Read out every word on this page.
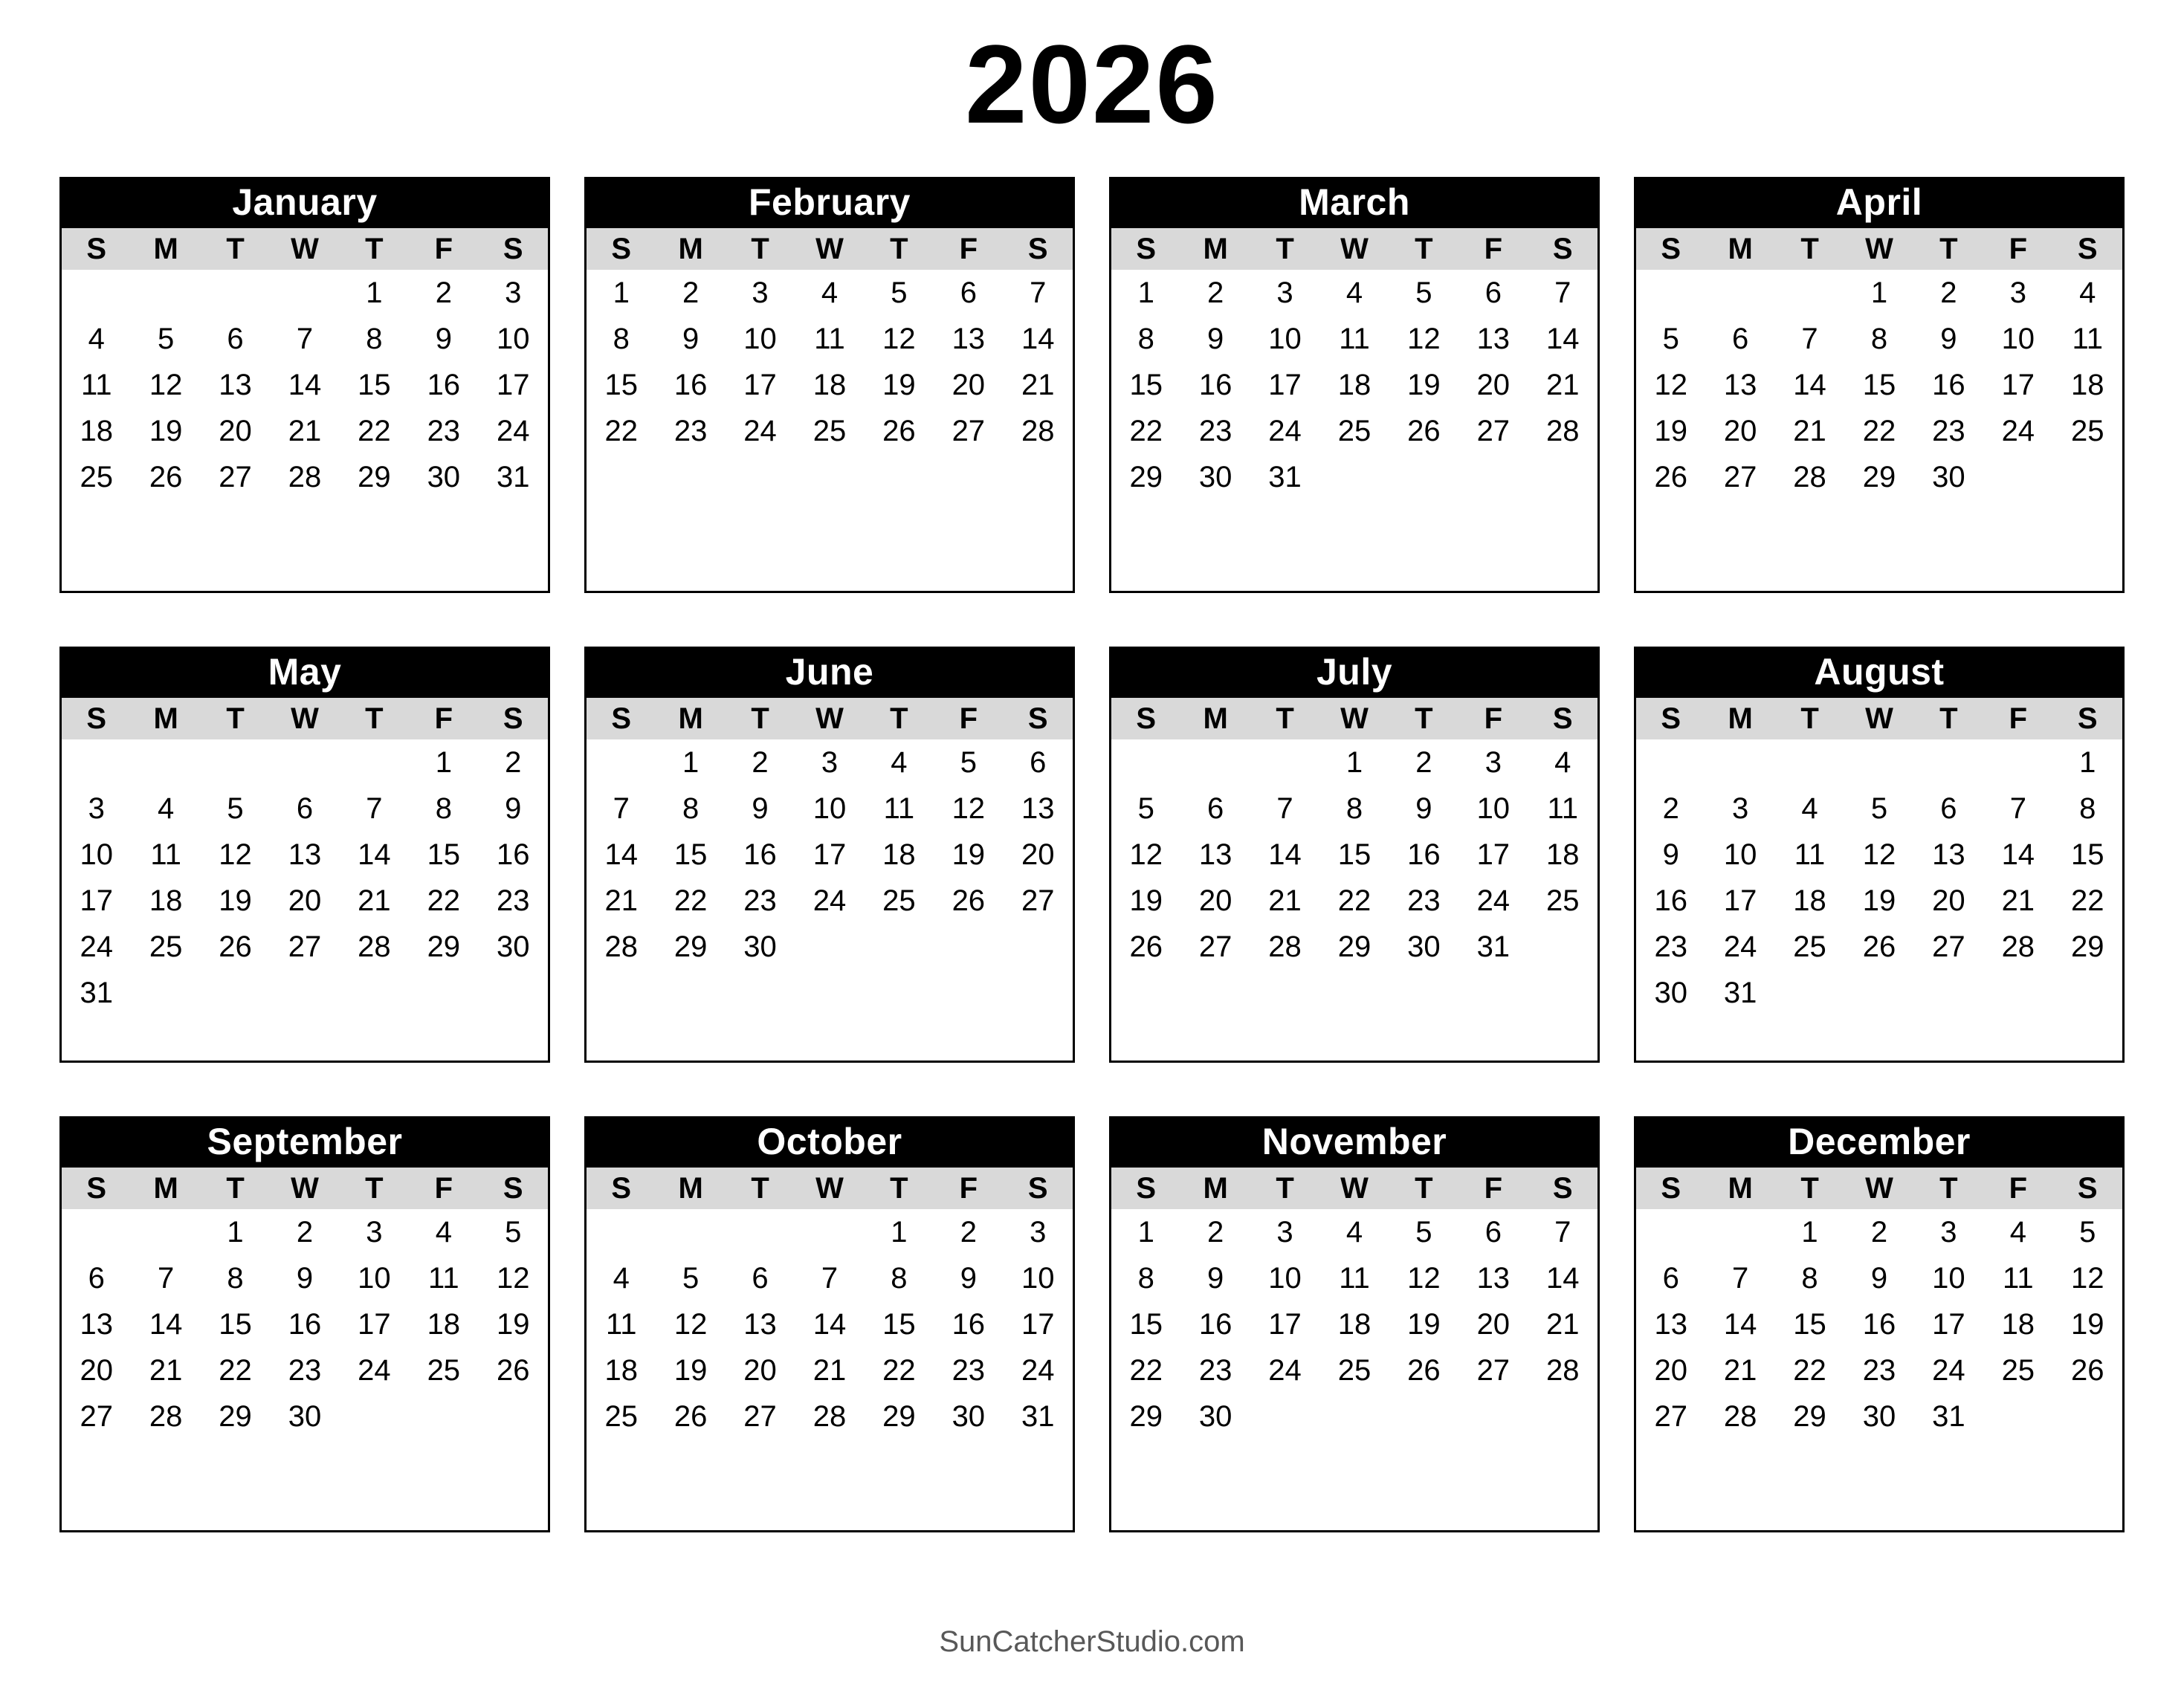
2026
January
S	M	T	W	T	F	S
				1	2	3
4	5	6	7	8	9	10
11	12	13	14	15	16	17
18	19	20	21	22	23	24
25	26	27	28	29	30	31

February
S	M	T	W	T	F	S
1	2	3	4	5	6	7
8	9	10	11	12	13	14
15	16	17	18	19	20	21
22	23	24	25	26	27	28

March
S	M	T	W	T	F	S
1	2	3	4	5	6	7
8	9	10	11	12	13	14
15	16	17	18	19	20	21
22	23	24	25	26	27	28
29	30	31				

April
S	M	T	W	T	F	S
			1	2	3	4
5	6	7	8	9	10	11
12	13	14	15	16	17	18
19	20	21	22	23	24	25
26	27	28	29	30		

May
S	M	T	W	T	F	S
					1	2
3	4	5	6	7	8	9
10	11	12	13	14	15	16
17	18	19	20	21	22	23
24	25	26	27	28	29	30
31						
June
S	M	T	W	T	F	S
	1	2	3	4	5	6
7	8	9	10	11	12	13
14	15	16	17	18	19	20
21	22	23	24	25	26	27
28	29	30				

July
S	M	T	W	T	F	S
			1	2	3	4
5	6	7	8	9	10	11
12	13	14	15	16	17	18
19	20	21	22	23	24	25
26	27	28	29	30	31	

August
S	M	T	W	T	F	S
						1
2	3	4	5	6	7	8
9	10	11	12	13	14	15
16	17	18	19	20	21	22
23	24	25	26	27	28	29
30	31					
September
S	M	T	W	T	F	S
		1	2	3	4	5
6	7	8	9	10	11	12
13	14	15	16	17	18	19
20	21	22	23	24	25	26
27	28	29	30			

October
S	M	T	W	T	F	S
				1	2	3
4	5	6	7	8	9	10
11	12	13	14	15	16	17
18	19	20	21	22	23	24
25	26	27	28	29	30	31

November
S	M	T	W	T	F	S
1	2	3	4	5	6	7
8	9	10	11	12	13	14
15	16	17	18	19	20	21
22	23	24	25	26	27	28
29	30					

December
S	M	T	W	T	F	S
		1	2	3	4	5
6	7	8	9	10	11	12
13	14	15	16	17	18	19
20	21	22	23	24	25	26
27	28	29	30	31		

SunCatcherStudio.com
